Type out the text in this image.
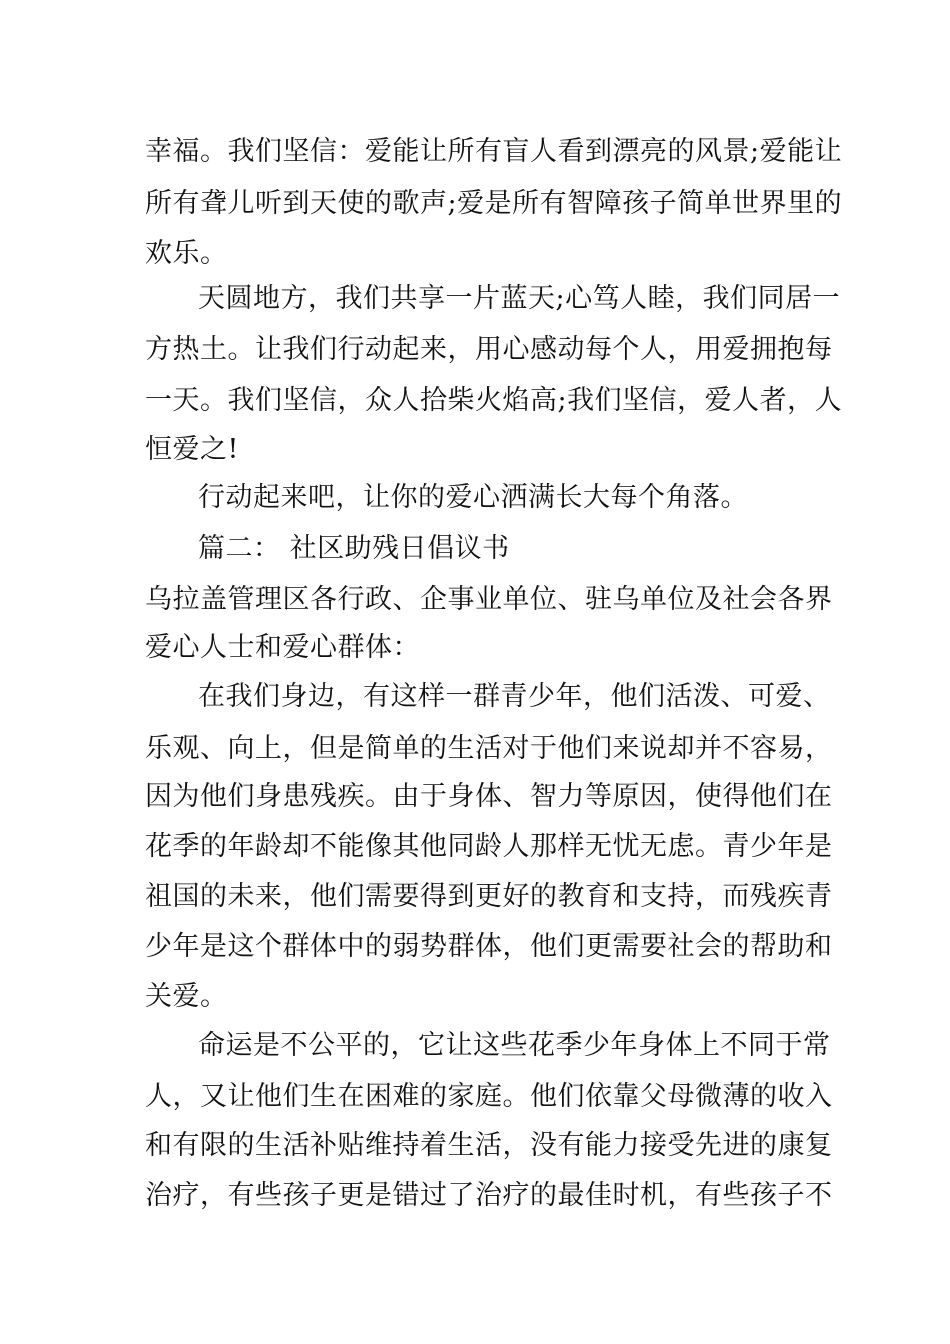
幸福。我们坚信：爱能让所有盲人看到漂亮的风景;爱能让
所有聋儿听到天使的歌声;爱是所有智障孩子简单世界里的
欢乐。
天圆地方，我们共享一片蓝天;心笃人睦，我们同居一
方热土。让我们行动起来，用心感动每个人，用爱拥抱每
一天。我们坚信，众人拾柴火焰高;我们坚信，爱人者，人
恒爱之!
行动起来吧，让你的爱心洒满长大每个角落。
篇二： 社区助残日倡议书
乌拉盖管理区各行政、企事业单位、驻乌单位及社会各界
爱心人士和爱心群体：
在我们身边，有这样一群青少年，他们活泼、可爱、
乐观、向上，但是简单的生活对于他们来说却并不容易，
因为他们身患残疾。由于身体、智力等原因，使得他们在
花季的年龄却不能像其他同龄人那样无忧无虑。青少年是
祖国的未来，他们需要得到更好的教育和支持，而残疾青
少年是这个群体中的弱势群体，他们更需要社会的帮助和
关爱。
命运是不公平的，它让这些花季少年身体上不同于常
人，又让他们生在困难的家庭。他们依靠父母微薄的收入
和有限的生活补贴维持着生活，没有能力接受先进的康复
治疗，有些孩子更是错过了治疗的最佳时机，有些孩子不
